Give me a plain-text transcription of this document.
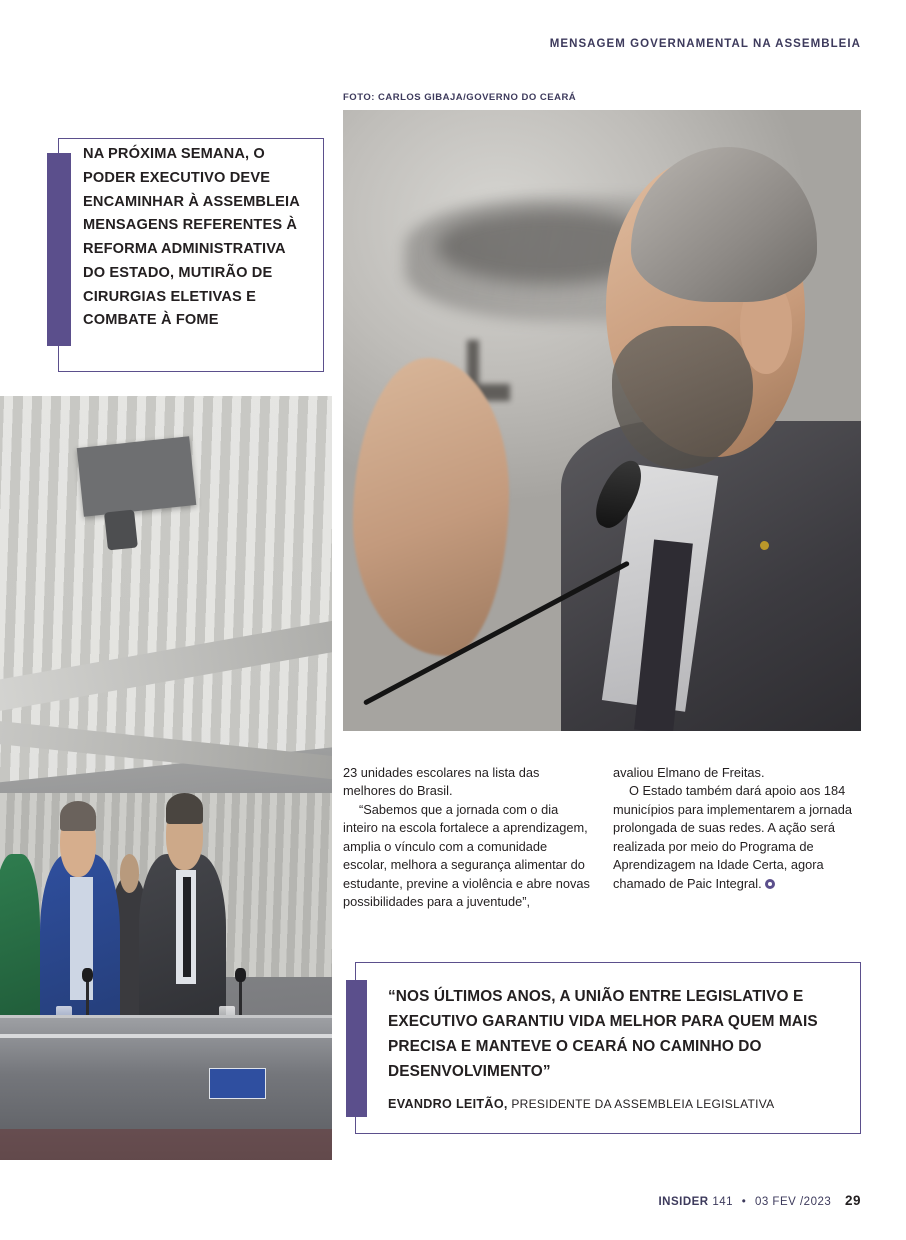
MENSAGEM GOVERNAMENTAL NA ASSEMBLEIA
FOTO: CARLOS GIBAJA/GOVERNO DO CEARÁ
NA PRÓXIMA SEMANA, O PODER EXECUTIVO DEVE ENCAMINHAR À ASSEMBLEIA MENSAGENS REFERENTES À REFORMA ADMINISTRATIVA DO ESTADO, MUTIRÃO DE CIRURGIAS ELETIVAS E COMBATE À FOME

23 unidades escolares na lista das melhores do Brasil.

“Sabemos que a jornada com o dia inteiro na escola fortalece a aprendizagem, amplia o vínculo com a comunidade escolar, melhora a segurança alimentar do estudante, previne a violência e abre novas possibilidades para a juventude”,

avaliou Elmano de Freitas.

O Estado também dará apoio aos 184 municípios para implementarem a jornada prolongada de suas redes. A ação será realizada por meio do Programa de Aprendizagem na Idade Certa, agora chamado de Paic Integral.

“NOS ÚLTIMOS ANOS, A UNIÃO ENTRE LEGISLATIVO E EXECUTIVO GARANTIU VIDA MELHOR PARA QUEM MAIS PRECISA E MANTEVE O CEARÁ NO CAMINHO DO DESENVOLVIMENTO”
EVANDRO LEITÃO, PRESIDENTE DA ASSEMBLEIA LEGISLATIVA
INSIDER 141 • 03 FEV /2023 29
